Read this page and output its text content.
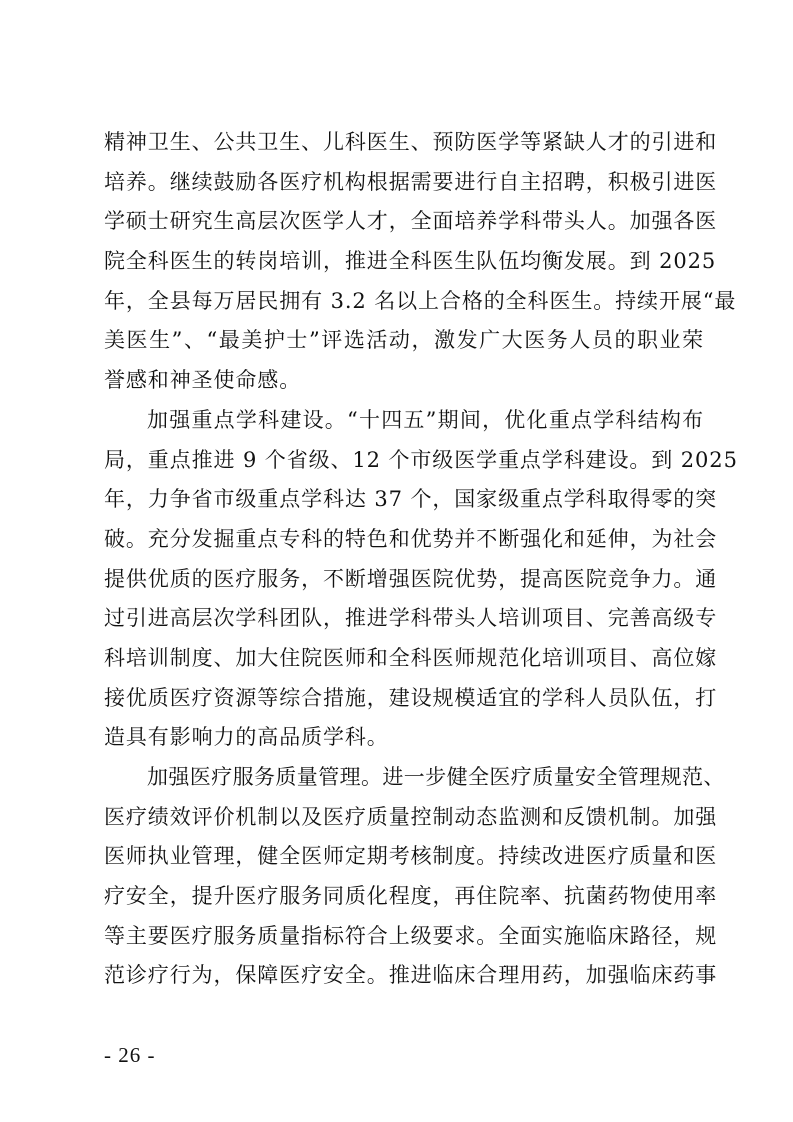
精神卫生、公共卫生、儿科医生、预防医学等紧缺人才的引进和
培养。继续鼓励各医疗机构根据需要进行自主招聘，积极引进医
学硕士研究生高层次医学人才，全面培养学科带头人。加强各医
院全科医生的转岗培训，推进全科医生队伍均衡发展。到 2025
年，全县每万居民拥有 3.2 名以上合格的全科医生。持续开展“最
美医生”、“最美护士”评选活动，激发广大医务人员的职业荣
誉感和神圣使命感。
加强重点学科建设。“十四五”期间，优化重点学科结构布
局，重点推进 9 个省级、12 个市级医学重点学科建设。到 2025
年，力争省市级重点学科达 37 个，国家级重点学科取得零的突
破。充分发掘重点专科的特色和优势并不断强化和延伸，为社会
提供优质的医疗服务，不断增强医院优势，提高医院竞争力。通
过引进高层次学科团队，推进学科带头人培训项目、完善高级专
科培训制度、加大住院医师和全科医师规范化培训项目、高位嫁
接优质医疗资源等综合措施，建设规模适宜的学科人员队伍，打
造具有影响力的高品质学科。
加强医疗服务质量管理。进一步健全医疗质量安全管理规范、
医疗绩效评价机制以及医疗质量控制动态监测和反馈机制。加强
医师执业管理，健全医师定期考核制度。持续改进医疗质量和医
疗安全，提升医疗服务同质化程度，再住院率、抗菌药物使用率
等主要医疗服务质量指标符合上级要求。全面实施临床路径，规
范诊疗行为，保障医疗安全。推进临床合理用药，加强临床药事
- 26 -
